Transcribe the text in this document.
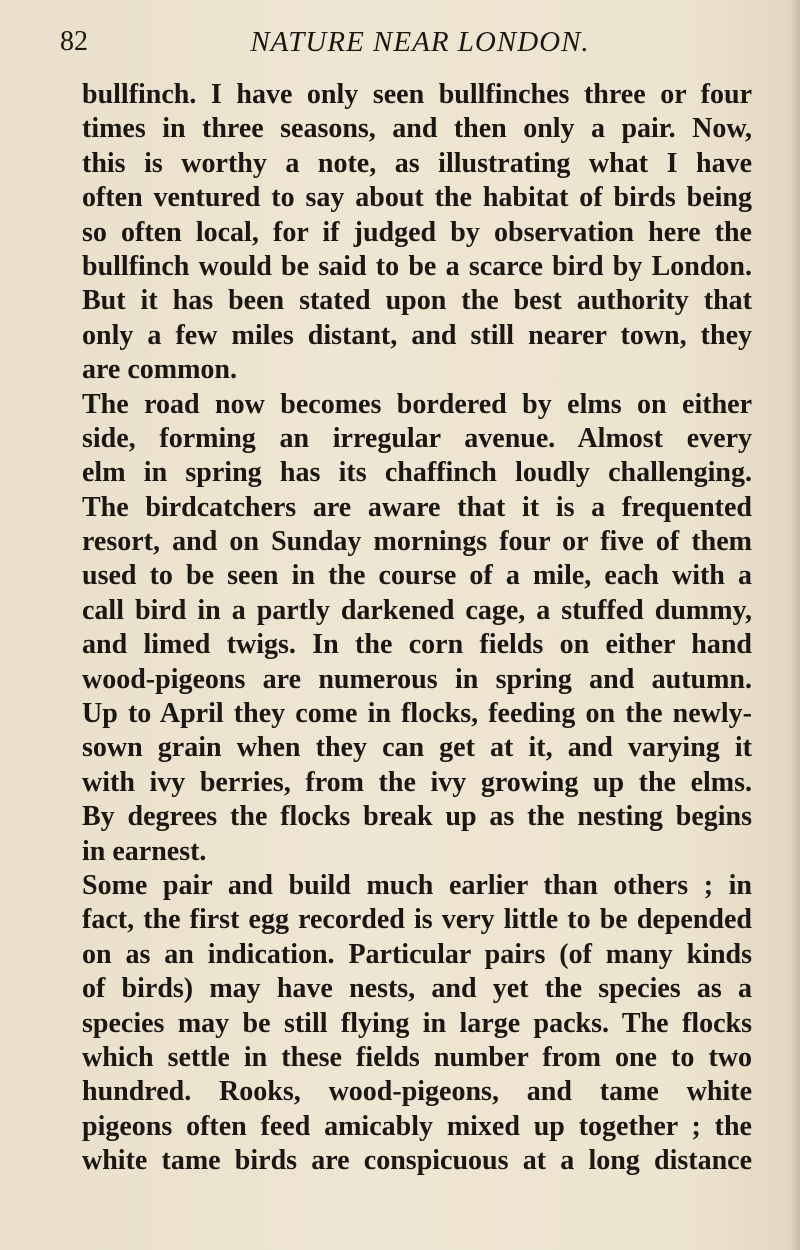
82	NATURE NEAR LONDON.
bullfinch. I have only seen bullfinches three or four
times in three seasons, and then only a pair. Now,
this is worthy a note, as illustrating what I have
often ventured to say about the habitat of birds being
so often local, for if judged by observation here the
bullfinch would be said to be a scarce bird by London.
But it has been stated upon the best authority that
only a few miles distant, and still nearer town, they
are common.
The road now becomes bordered by elms on either
side, forming an irregular avenue. Almost every
elm in spring has its chaffinch loudly challenging.
The birdcatchers are aware that it is a frequented
resort, and on Sunday mornings four or five of them
used to be seen in the course of a mile, each with a
call bird in a partly darkened cage, a stuffed dummy,
and limed twigs. In the corn fields on either hand
wood-pigeons are numerous in spring and autumn.
Up to April they come in flocks, feeding on the newly-
sown grain when they can get at it, and varying it
with ivy berries, from the ivy growing up the elms.
By degrees the flocks break up as the nesting begins
in earnest.
Some pair and build much earlier than others ; in
fact, the first egg recorded is very little to be depended
on as an indication. Particular pairs (of many kinds
of birds) may have nests, and yet the species as a
species may be still flying in large packs. The flocks
which settle in these fields number from one to two
hundred. Rooks, wood-pigeons, and tame white
pigeons often feed amicably mixed up together ; the
white tame birds are conspicuous at a long distance
